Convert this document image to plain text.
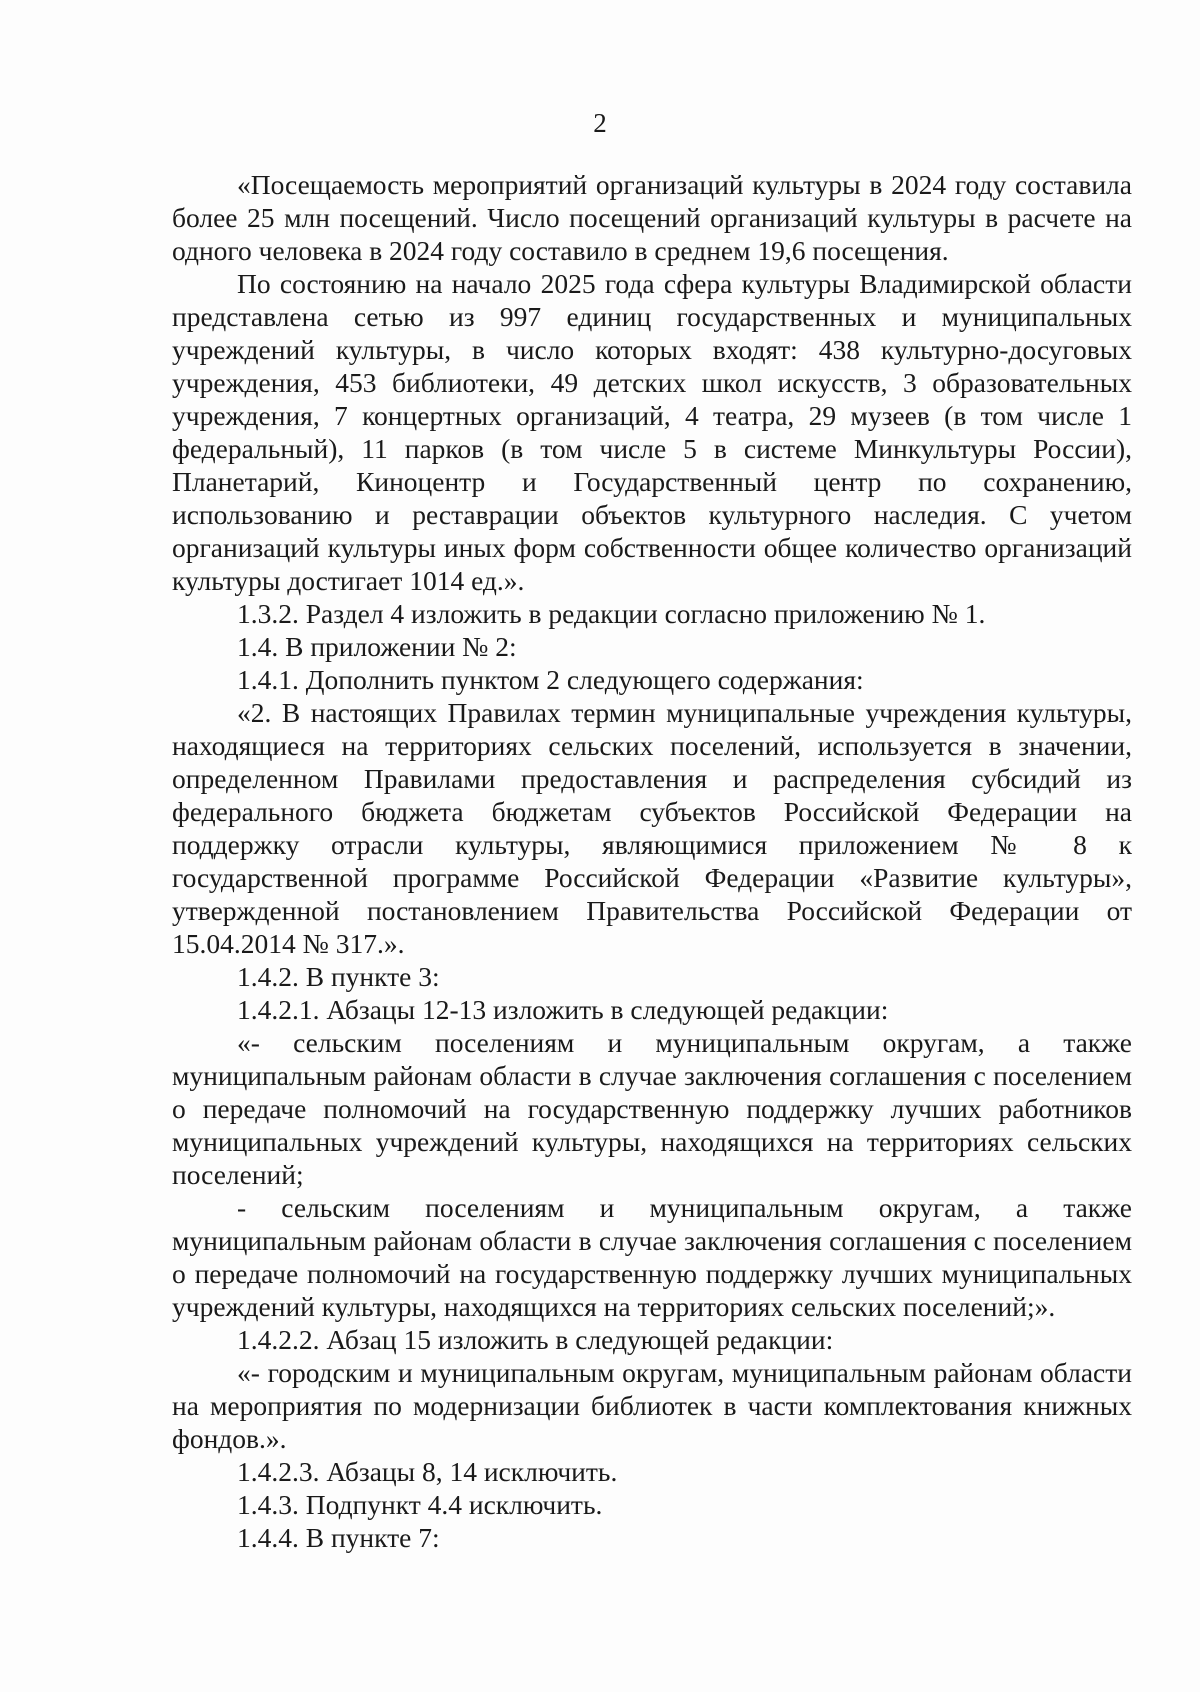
2

«Посещаемость мероприятий организаций культуры в 2024 году составила более 25 млн посещений. Число посещений организаций культуры в расчете на одного человека в 2024 году составило в среднем 19,6 посещения.

По состоянию на начало 2025 года сфера культуры Владимирской области представлена сетью из 997 единиц государственных и муниципальных учреждений культуры, в число которых входят: 438 культурно-досуговых учреждения, 453 библиотеки, 49 детских школ искусств, 3 образовательных учреждения, 7 концертных организаций, 4 театра, 29 музеев (в том числе 1 федеральный), 11 парков (в том числе 5 в системе Минкультуры России), Планетарий, Киноцентр и Государственный центр по сохранению, использованию и реставрации объектов культурного наследия. С учетом организаций культуры иных форм собственности общее количество организаций культуры достигает 1014 ед.».

1.3.2. Раздел 4 изложить в редакции согласно приложению № 1.

1.4. В приложении № 2:

1.4.1. Дополнить пунктом 2 следующего содержания:

«2. В настоящих Правилах термин муниципальные учреждения культуры, находящиеся на территориях сельских поселений, используется в значении, определенном Правилами предоставления и распределения субсидий из федерального бюджета бюджетам субъектов Российской Федерации на поддержку отрасли культуры, являющимися приложением № 8 к государственной программе Российской Федерации «Развитие культуры», утвержденной постановлением Правительства Российской Федерации от 15.04.2014 № 317.».

1.4.2. В пункте 3:

1.4.2.1. Абзацы 12-13 изложить в следующей редакции:

«- сельским поселениям и муниципальным округам, а также муниципальным районам области в случае заключения соглашения с поселением о передаче полномочий на государственную поддержку лучших работников муниципальных учреждений культуры, находящихся на территориях сельских поселений;

- сельским поселениям и муниципальным округам, а также муниципальным районам области в случае заключения соглашения с поселением о передаче полномочий на государственную поддержку лучших муниципальных учреждений культуры, находящихся на территориях сельских поселений;».

1.4.2.2. Абзац 15 изложить в следующей редакции:

«- городским и муниципальным округам, муниципальным районам области на мероприятия по модернизации библиотек в части комплектования книжных фондов.».

1.4.2.3. Абзацы 8, 14 исключить.

1.4.3. Подпункт 4.4 исключить.

1.4.4. В пункте 7:
